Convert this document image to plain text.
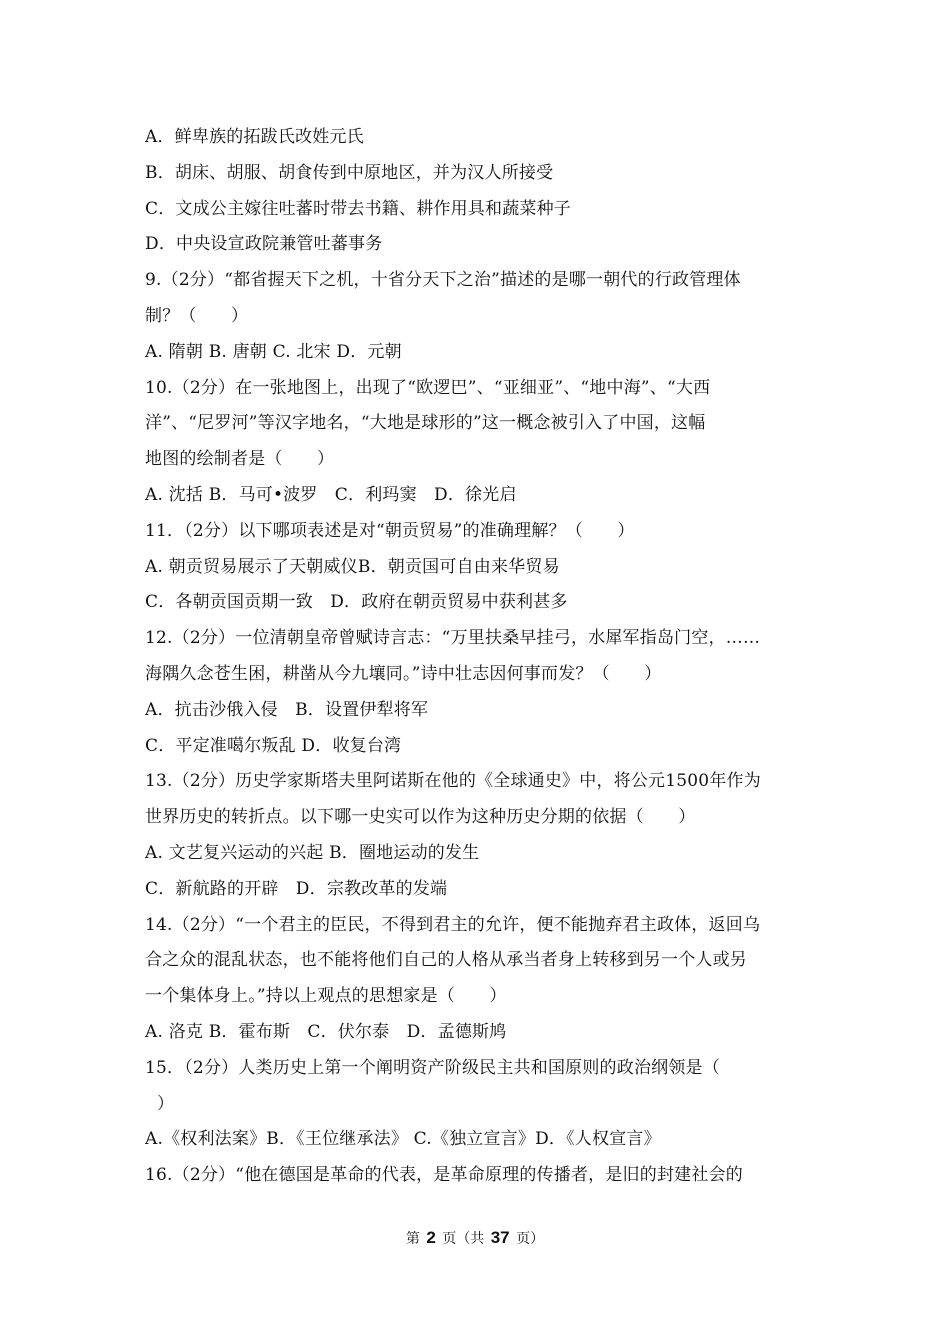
A．鲜卑族的拓跋氏改姓元氏
B．胡床、胡服、胡食传到中原地区，并为汉人所接受
C．文成公主嫁往吐蕃时带去书籍、耕作用具和蔬菜种子
D．中央设宣政院兼管吐蕃事务
9.（2分）“都省握天下之机，十省分天下之治”描述的是哪一朝代的行政管理体
制？（　　）
A. 隋朝 B. 唐朝 C. 北宋 D．元朝
10.（2分）在一张地图上，出现了“欧逻巴”、“亚细亚”、“地中海”、“大西
洋”、“尼罗河”等汉字地名，“大地是球形的”这一概念被引入了中国，这幅
地图的绘制者是（　　）
A. 沈括 B．马可•波罗　C．利玛窦　D．徐光启
11．（2分）以下哪项表述是对“朝贡贸易”的准确理解？（　　）
A. 朝贡贸易展示了天朝威仪B．朝贡国可自由来华贸易
C．各朝贡国贡期一致　D．政府在朝贡贸易中获利甚多
12.（2分）一位清朝皇帝曾赋诗言志：“万里扶桑早挂弓，水犀军指岛门空，……
海隅久念苍生困，耕凿从今九壤同。”诗中壮志因何事而发？（　　）
A．抗击沙俄入侵　B．设置伊犁将军
C．平定准噶尔叛乱 D．收复台湾
13.（2分）历史学家斯塔夫里阿诺斯在他的《全球通史》中，将公元1500年作为
世界历史的转折点。以下哪一史实可以作为这种历史分期的依据（　　）
A. 文艺复兴运动的兴起 B．圈地运动的发生
C．新航路的开辟　D．宗教改革的发端
14.（2分）“一个君主的臣民，不得到君主的允许，便不能抛弃君主政体，返回乌
合之众的混乱状态，也不能将他们自己的人格从承当者身上转移到另一个人或另
一个集体身上。”持以上观点的思想家是（　　）
A. 洛克 B．霍布斯　C．伏尔泰　D．孟德斯鸠
15．（2分）人类历史上第一个阐明资产阶级民主共和国原则的政治纲领是（
）
A.《权利法案》B．《王位继承法》 C.《独立宣言》D．《人权宣言》
16.（2分）“他在德国是革命的代表，是革命原理的传播者，是旧的封建社会的
第 2 页（共 37 页）
